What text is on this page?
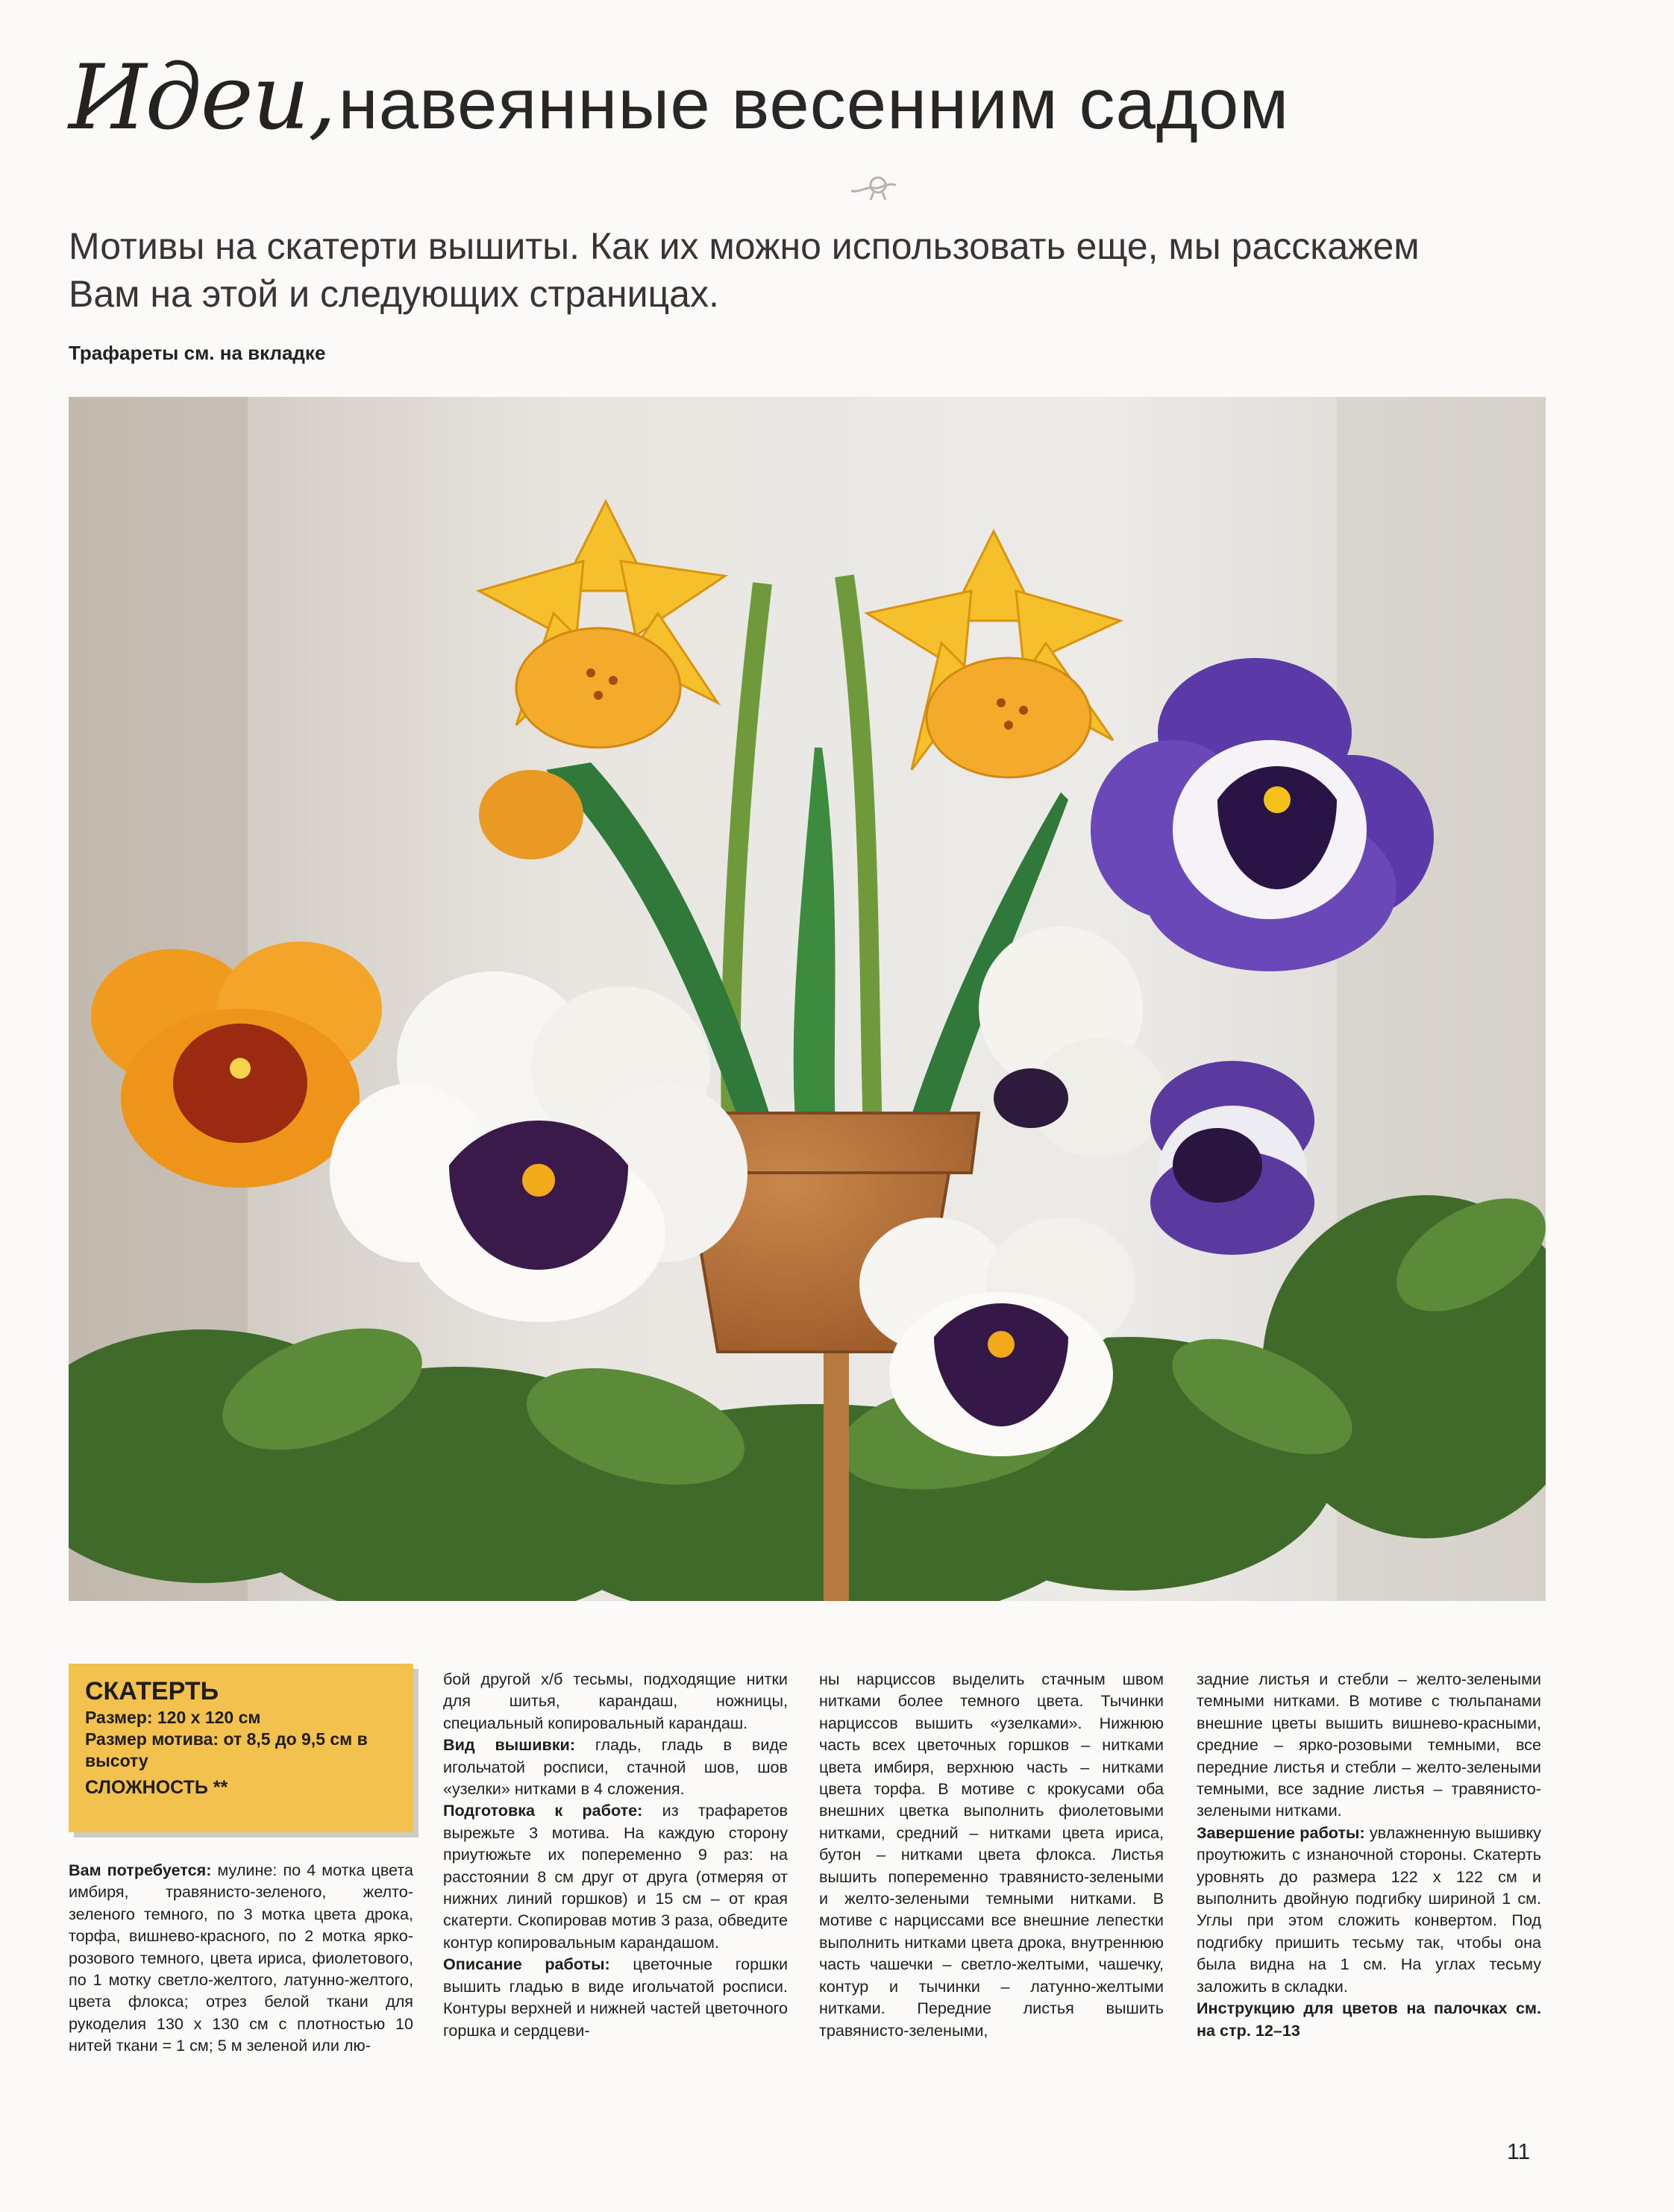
Идеи, навеянные весенним садом
Мотивы на скатерти вышиты. Как их можно использовать еще, мы расскажем Вам на этой и следующих страницах.
Трафареты см. на вкладке
СКАТЕРТЬ
Размер: 120 х 120 см
Размер мотива: от 8,5 до 9,5 см в высоту
СЛОЖНОСТЬ **

Вам потребуется: мулине: по 4 мотка цвета имбиря, травянисто-зеленого, желто-зеленого темного, по 3 мотка цвета дрока, торфа, вишнево-красного, по 2 мотка ярко-розового темного, цвета ириса, фиолетового, по 1 мотку светло-желтого, латунно-желтого, цвета флокса; отрез белой ткани для рукоделия 130 х 130 см с плотностью 10 нитей ткани = 1 см; 5 м зеленой или лю-

бой другой х/б тесьмы, подходящие нитки для шитья, карандаш, ножницы, специальный копировальный карандаш.

Вид вышивки: гладь, гладь в виде игольчатой росписи, стачной шов, шов «узелки» нитками в 4 сложения.

Подготовка к работе: из трафаретов вырежьте 3 мотива. На каждую сторону приутюжьте их попеременно 9 раз: на расстоянии 8 см друг от друга (отмеряя от нижних линий горшков) и 15 см – от края скатерти. Скопировав мотив 3 раза, обведите контур копировальным карандашом.

Описание работы: цветочные горшки вышить гладью в виде игольчатой росписи. Контуры верхней и нижней частей цветочного горшка и сердцеви-

ны нарциссов выделить стачным швом нитками более темного цвета. Тычинки нарциссов вышить «узелками». Нижнюю часть всех цветочных горшков – нитками цвета имбиря, верхнюю часть – нитками цвета торфа. В мотиве с крокусами оба внешних цветка выполнить фиолетовыми нитками, средний – нитками цвета ириса, бутон – нитками цвета флокса. Листья вышить попеременно травянисто-зелеными и желто-зелеными темными нитками. В мотиве с нарциссами все внешние лепестки выполнить нитками цвета дрока, внутреннюю часть чашечки – светло-желтыми, чашечку, контур и тычинки – латунно-желтыми нитками. Передние листья вышить травянисто-зелеными,

задние листья и стебли – желто-зелеными темными нитками. В мотиве с тюльпанами внешние цветы вышить вишнево-красными, средние – ярко-розовыми темными, все передние листья и стебли – желто-зелеными темными, все задние листья – травянисто-зелеными нитками.

Завершение работы: увлажненную вышивку проутюжить с изнаночной стороны. Скатерть уровнять до размера 122 х 122 см и выполнить двойную подгибку шириной 1 см. Углы при этом сложить конвертом. Под подгибку пришить тесьму так, чтобы она была видна на 1 см. На углах тесьму заложить в складки.

Инструкцию для цветов на палочках см. на стр. 12–13

11
